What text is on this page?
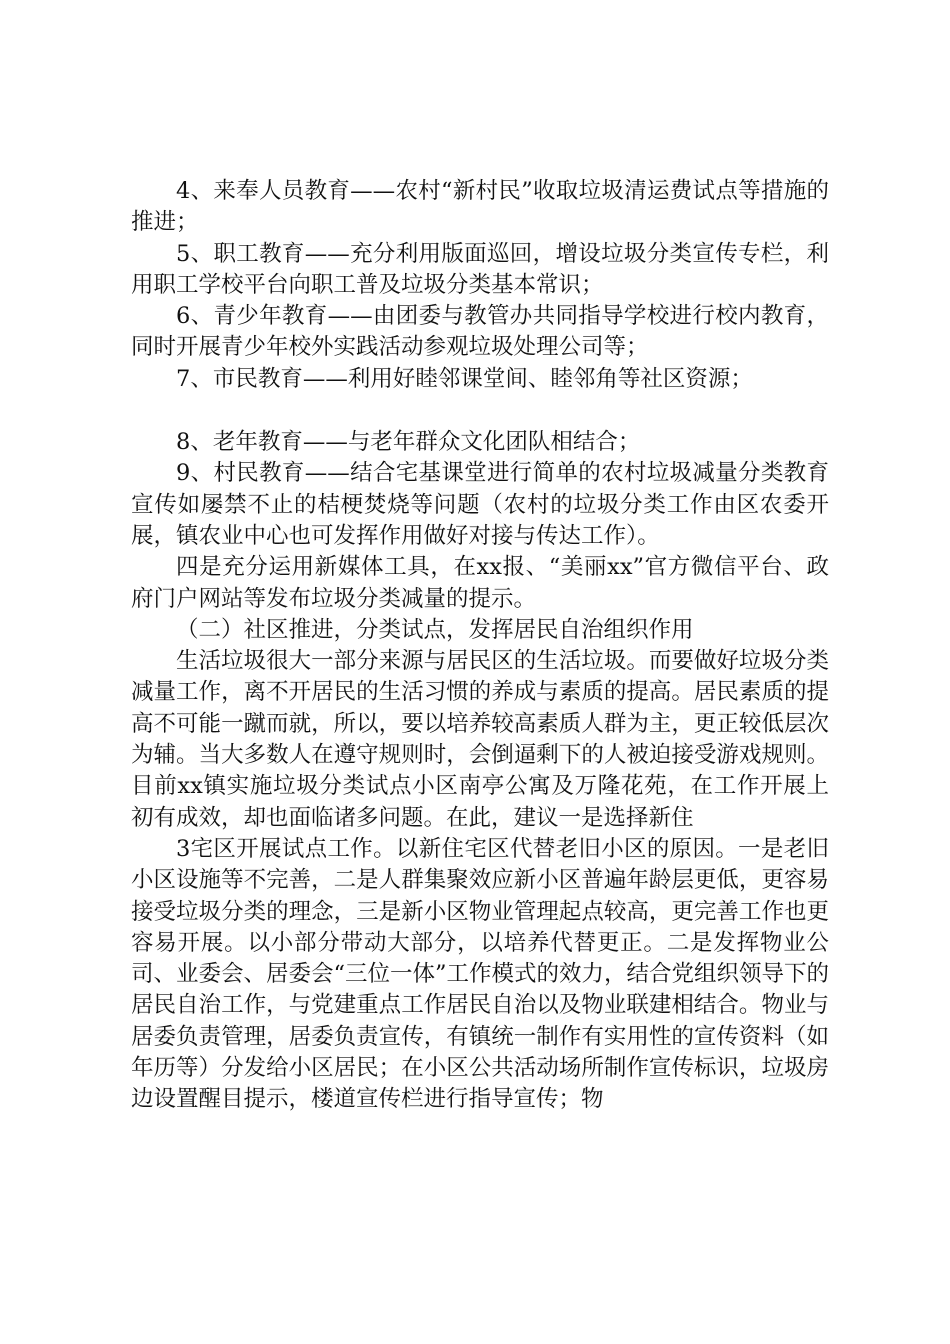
4、来奉人员教育——农村“新村民”收取垃圾清运费试点等措施的推进；

5、职工教育——充分利用版面巡回，增设垃圾分类宣传专栏，利用职工学校平台向职工普及垃圾分类基本常识；

6、青少年教育——由团委与教管办共同指导学校进行校内教育，同时开展青少年校外实践活动参观垃圾处理公司等；

7、市民教育——利用好睦邻课堂间、睦邻角等社区资源；

8、老年教育——与老年群众文化团队相结合；

9、村民教育——结合宅基课堂进行简单的农村垃圾减量分类教育宣传如屡禁不止的桔梗焚烧等问题（农村的垃圾分类工作由区农委开展，镇农业中心也可发挥作用做好对接与传达工作）。

四是充分运用新媒体工具，在xx报、“美丽xx”官方微信平台、政府门户网站等发布垃圾分类减量的提示。

（二）社区推进，分类试点，发挥居民自治组织作用

生活垃圾很大一部分来源与居民区的生活垃圾。而要做好垃圾分类减量工作，离不开居民的生活习惯的养成与素质的提高。居民素质的提高不可能一蹴而就，所以，要以培养较高素质人群为主，更正较低层次为辅。当大多数人在遵守规则时，会倒逼剩下的人被迫接受游戏规则。目前xx镇实施垃圾分类试点小区南亭公寓及万隆花苑，在工作开展上初有成效，却也面临诸多问题。在此，建议一是选择新住

3宅区开展试点工作。以新住宅区代替老旧小区的原因。一是老旧小区设施等不完善，二是人群集聚效应新小区普遍年龄层更低，更容易接受垃圾分类的理念，三是新小区物业管理起点较高，更完善工作也更容易开展。以小部分带动大部分，以培养代替更正。二是发挥物业公司、业委会、居委会“三位一体”工作模式的效力，结合党组织领导下的居民自治工作，与党建重点工作居民自治以及物业联建相结合。物业与居委负责管理，居委负责宣传，有镇统一制作有实用性的宣传资料（如年历等）分发给小区居民；在小区公共活动场所制作宣传标识，垃圾房边设置醒目提示，楼道宣传栏进行指导宣传；物
